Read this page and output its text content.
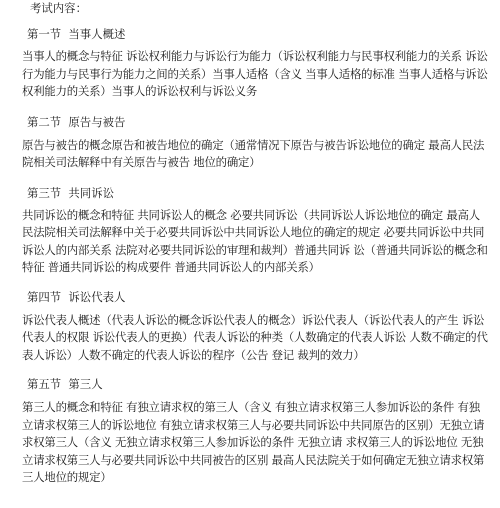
考试内容：

第一节  当事人概述

当事人的概念与特征 诉讼权利能力与诉讼行为能力（诉讼权利能力与民事权利能力的关系 诉讼行为能力与民事行为能力之间的关系）当事人适格（含义 当事人适格的标准 当事人适格与诉讼权利能力的关系）当事人的诉讼权利与诉讼义务

第二节  原告与被告

原告与被告的概念原告和被告地位的确定（通常情况下原告与被告诉讼地位的确定 最高人民法院相关司法解释中有关原告与被告 地位的确定）

第三节  共同诉讼

共同诉讼的概念和特征 共同诉讼人的概念 必要共同诉讼（共同诉讼人诉讼地位的确定 最高人民法院相关司法解释中关于必要共同诉讼中共同诉讼人地位的确定的规定 必要共同诉讼中共同诉讼人的内部关系 法院对必要共同诉讼的审理和裁判）普通共同诉 讼（普通共同诉讼的概念和特征 普通共同诉讼的构成要件 普通共同诉讼人的内部关系）

第四节  诉讼代表人

诉讼代表人概述（代表人诉讼的概念诉讼代表人的概念）诉讼代表人（诉讼代表人的产生 诉讼代表人的权限 诉讼代表人的更换）代表人诉讼的种类（人数确定的代表人诉讼 人数不确定的代表人诉讼）人数不确定的代表人诉讼的程序（公告 登记 裁判的效力）

第五节  第三人

第三人的概念和特征 有独立请求权的第三人（含义 有独立请求权第三人参加诉讼的条件 有独立请求权第三人的诉讼地位 有独立请求权第三人与必要共同诉讼中共同原告的区别）无独立请求权第三人（含义 无独立请求权第三人参加诉讼的条件 无独立请 求权第三人的诉讼地位 无独立请求权第三人与必要共同诉讼中共同被告的区别 最高人民法院关于如何确定无独立请求权第三人地位的规定）
